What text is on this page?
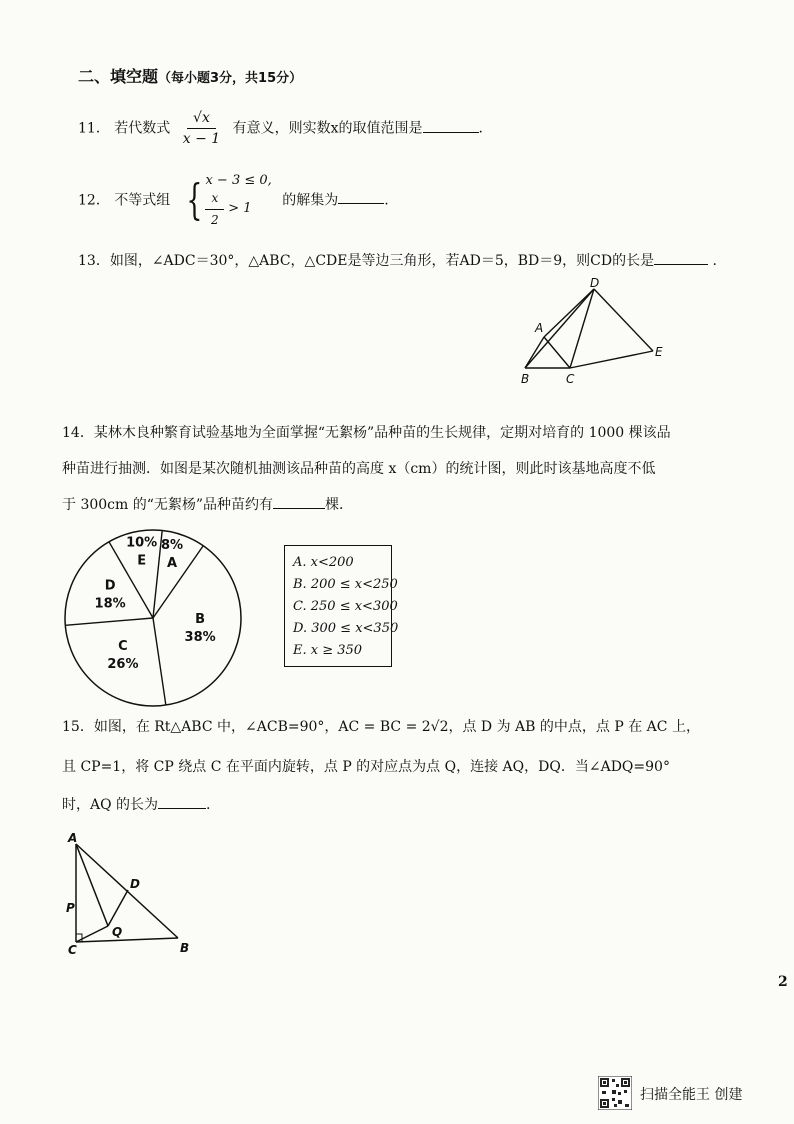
二、填空题（每小题3分，共15分）
11． 若代数式 $\frac{√x}{x - 1}$ 有意义，则实数x的取值范围是	.
12． 不等式组 { x − 3 ≤ 0,
$\frac{x}{2} > 1$
的解集为	.
13．如图，∠ADC＝30°，△ABC，△CDE是等边三角形，若AD＝5，BD＝9，则CD的长是	.
D
A
B	C
E
14．某林木良种繁育试验基地为全面掌握“无絮杨”品种苗的生长规律，定期对培育的 1000 棵该品
种苗进行抽测．如图是某次随机抽测该品种苗的高度 x（cm）的统计图，则此时该基地高度不低
于 300cm 的“无絮杨”品种苗约有	棵．
8%
A
B
38%
C
26%
D
18%
10%
E	A. x<200
B. 200 ≤ x<250
C. 250 ≤ x<300
D. 300 ≤ x<350
E. x ≥ 350
15．如图，在 Rt△ABC 中，∠ACB=90°，AC = BC = 2√2，点 D 为 AB 的中点，点 P 在 AC 上，
且 CP=1，将 CP 绕点 C 在平面内旋转，点 P 的对应点为点 Q，连接 AQ，DQ．当∠ADQ=90°
时，AQ 的长为	.
A
P
C
Q
D
B
2
扫描全能王 创建
